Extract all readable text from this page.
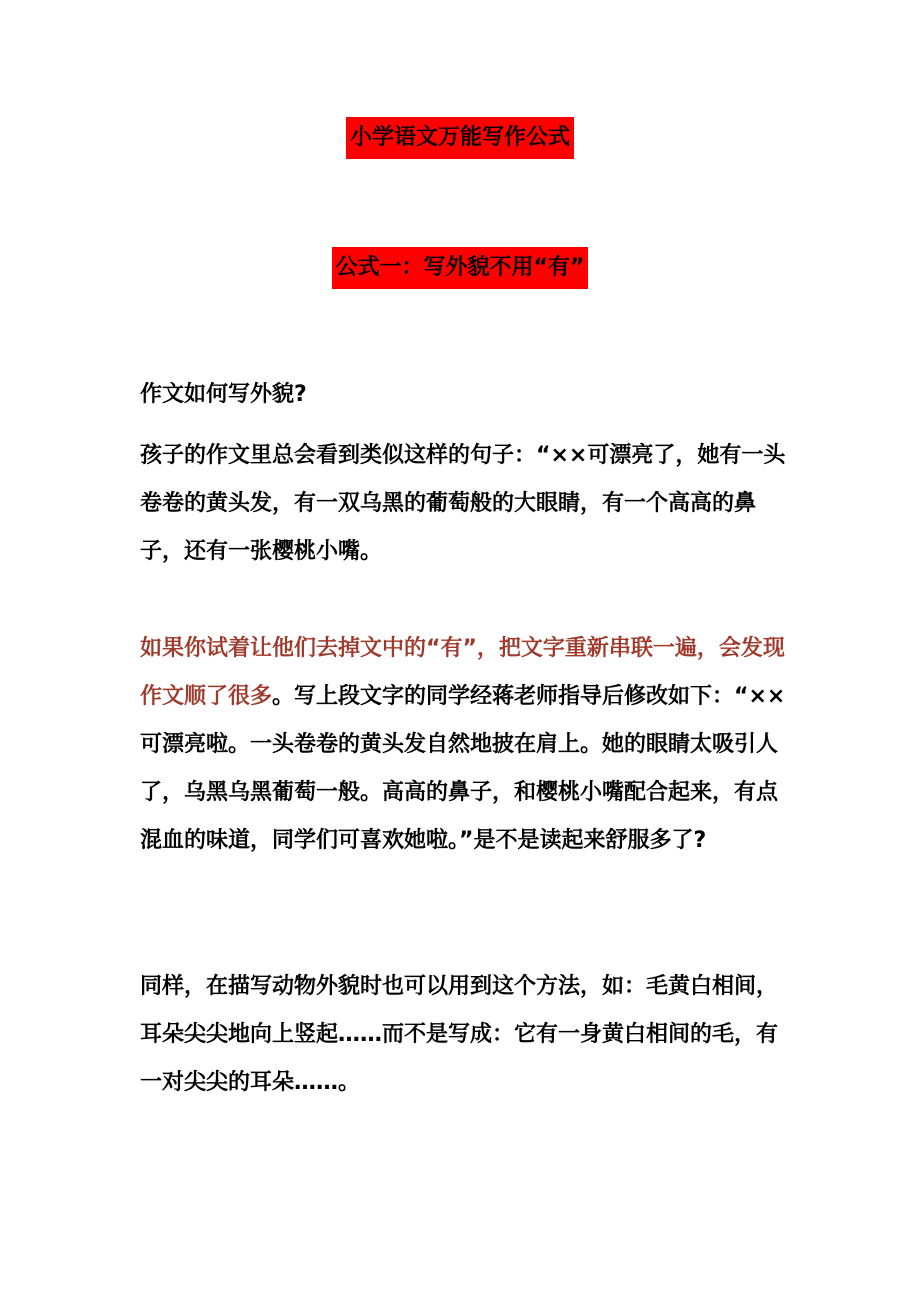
小学语文万能写作公式
公式一：写外貌不用“有”

作文如何写外貌?

孩子的作文里总会看到类似这样的句子：“××可漂亮了，她有一头卷卷的黄头发，有一双乌黑的葡萄般的大眼睛，有一个高高的鼻子，还有一张樱桃小嘴。

如果你试着让他们去掉文中的“有”，把文字重新串联一遍，会发现作文顺了很多。写上段文字的同学经蒋老师指导后修改如下：“××可漂亮啦。一头卷卷的黄头发自然地披在肩上。她的眼睛太吸引人了，乌黑乌黑葡萄一般。高高的鼻子，和樱桃小嘴配合起来，有点混血的味道，同学们可喜欢她啦。”是不是读起来舒服多了?

同样，在描写动物外貌时也可以用到这个方法，如：毛黄白相间，耳朵尖尖地向上竖起……而不是写成：它有一身黄白相间的毛，有一对尖尖的耳朵……。
